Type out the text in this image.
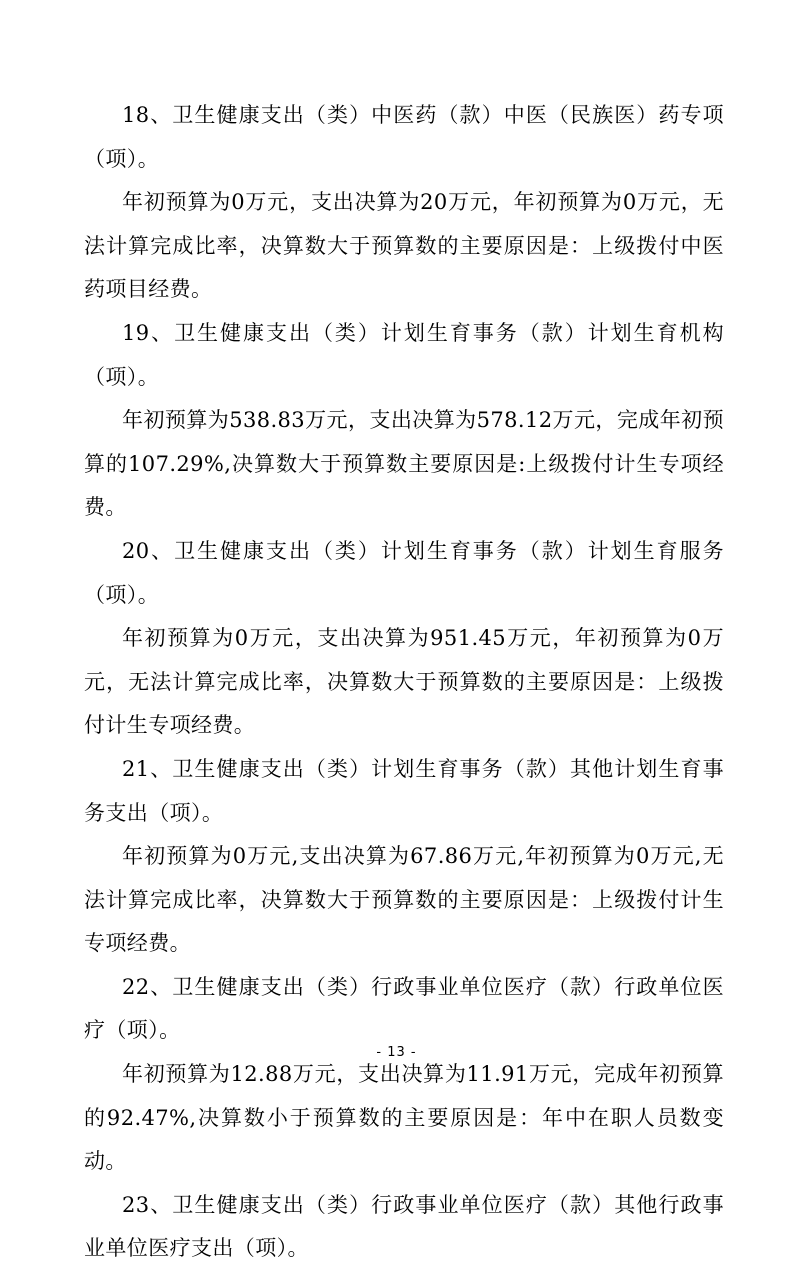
18、卫生健康支出（类）中医药（款）中医（民族医）药专项（项）。

年初预算为0万元，支出决算为20万元，年初预算为0万元，无法计算完成比率，决算数大于预算数的主要原因是：上级拨付中医药项目经费。

19、卫生健康支出（类）计划生育事务（款）计划生育机构（项）。

年初预算为538.83万元，支出决算为578.12万元，完成年初预算的107.29%,决算数大于预算数主要原因是:上级拨付计生专项经费。

20、卫生健康支出（类）计划生育事务（款）计划生育服务（项）。

年初预算为0万元，支出决算为951.45万元，年初预算为0万元，无法计算完成比率，决算数大于预算数的主要原因是：上级拨付计生专项经费。

21、卫生健康支出（类）计划生育事务（款）其他计划生育事务支出（项）。

年初预算为0万元,支出决算为67.86万元,年初预算为0万元,无法计算完成比率，决算数大于预算数的主要原因是：上级拨付计生专项经费。

22、卫生健康支出（类）行政事业单位医疗（款）行政单位医疗（项）。

年初预算为12.88万元，支出决算为11.91万元，完成年初预算的92.47%,决算数小于预算数的主要原因是：年中在职人员数变动。

23、卫生健康支出（类）行政事业单位医疗（款）其他行政事业单位医疗支出（项）。

- 13 -
